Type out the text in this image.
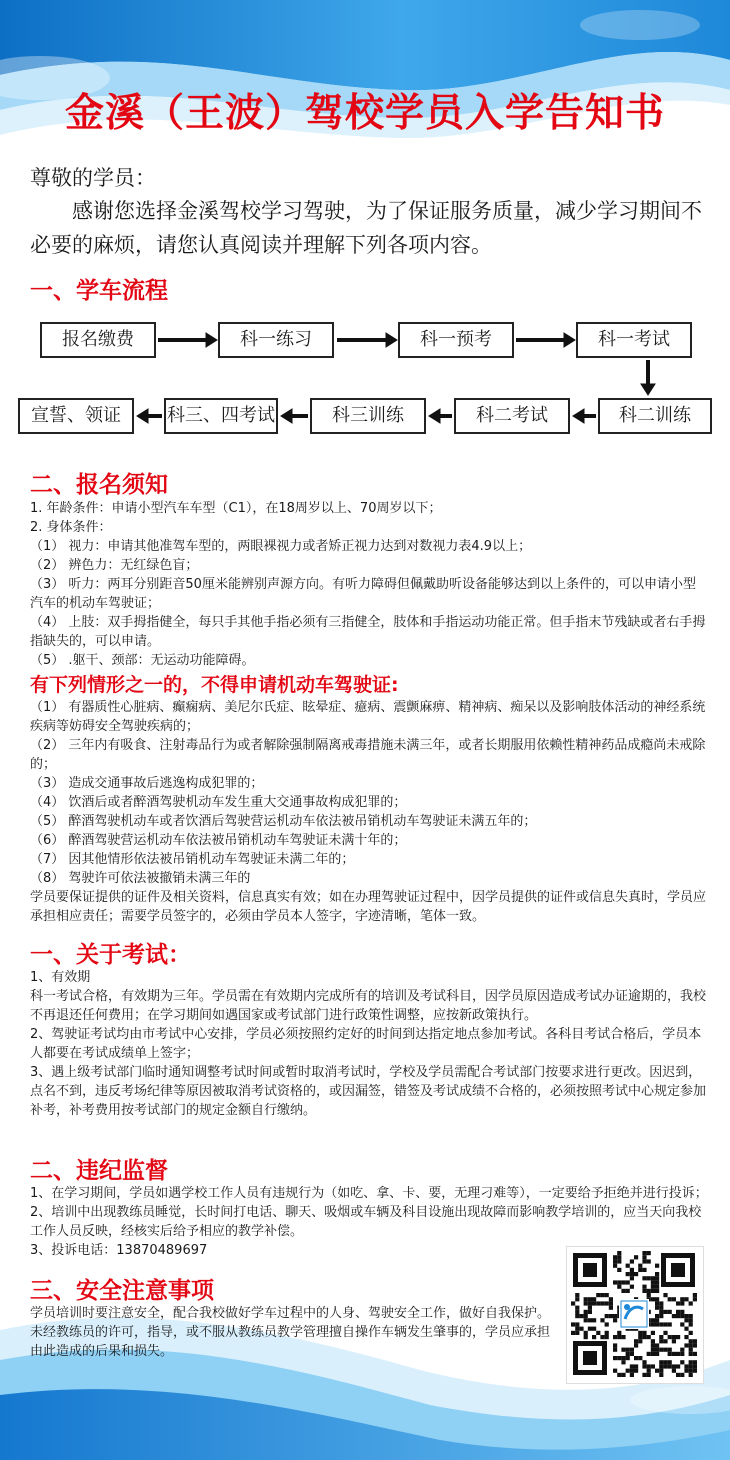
金溪（王波）驾校学员入学告知书
尊敬的学员：
感谢您选择金溪驾校学习驾驶，为了保证服务质量，减少学习期间不必要的麻烦，请您认真阅读并理解下列各项内容。
一、学车流程
报名缴费	科一练习	科一预考	科一考试
宣誓、领证	科三、四考试	科三训练	科二考试	科二训练
二、报名须知

1. 年龄条件：申请小型汽车车型（C1），在18周岁以上、70周岁以下；

2. 身体条件：

（1） 视力：申请其他准驾车型的，两眼裸视力或者矫正视力达到对数视力表4.9以上；

（2） 辨色力：无红绿色盲；

（3） 听力：两耳分别距音50厘米能辨别声源方向。有听力障碍但佩戴助听设备能够达到以上条件的，可以申请小型汽车的机动车驾驶证；

（4） 上肢：双手拇指健全，每只手其他手指必须有三指健全，肢体和手指运动功能正常。但手指末节残缺或者右手拇指缺失的，可以申请。

（5） .躯干、颈部：无运动功能障碍。

有下列情形之一的，不得申请机动车驾驶证:

（1） 有器质性心脏病、癫痫病、美尼尔氏症、眩晕症、癔病、震颤麻痹、精神病、痴呆以及影响肢体活动的神经系统疾病等妨碍安全驾驶疾病的；

（2） 三年内有吸食、注射毒品行为或者解除强制隔离戒毒措施未满三年，或者长期服用依赖性精神药品成瘾尚未戒除的；

（3） 造成交通事故后逃逸构成犯罪的；

（4） 饮酒后或者醉酒驾驶机动车发生重大交通事故构成犯罪的；

（5） 醉酒驾驶机动车或者饮酒后驾驶营运机动车依法被吊销机动车驾驶证未满五年的；

（6） 醉酒驾驶营运机动车依法被吊销机动车驾驶证未满十年的；

（7） 因其他情形依法被吊销机动车驾驶证未满二年的；

（8） 驾驶许可依法被撤销未满三年的

学员要保证提供的证件及相关资料，信息真实有效；如在办理驾驶证过程中，因学员提供的证件或信息失真时，学员应承担相应责任；需要学员签字的，必须由学员本人签字，字迹清晰，笔体一致。

一、关于考试：

1、有效期

科一考试合格，有效期为三年。学员需在有效期内完成所有的培训及考试科目，因学员原因造成考试办证逾期的，我校不再退还任何费用；在学习期间如遇国家或考试部门进行政策性调整，应按新政策执行。

2、驾驶证考试均由市考试中心安排，学员必须按照约定好的时间到达指定地点参加考试。各科目考试合格后，学员本人都要在考试成绩单上签字；

3、遇上级考试部门临时通知调整考试时间或暂时取消考试时，学校及学员需配合考试部门按要求进行更改。因迟到，点名不到，违反考场纪律等原因被取消考试资格的，或因漏签，错签及考试成绩不合格的，必须按照考试中心规定参加补考，补考费用按考试部门的规定金额自行缴纳。

二、违纪监督

1、在学习期间，学员如遇学校工作人员有违规行为（如吃、拿、卡、要，无理刁难等），一定要给予拒绝并进行投诉；

2、培训中出现教练员睡觉，长时间打电话、聊天、吸烟或车辆及科目设施出现故障而影响教学培训的，应当天向我校工作人员反映，经核实后给予相应的教学补偿。

3、投诉电话：13870489697

三、安全注意事项
学员培训时要注意安全，配合我校做好学车过程中的人身、驾驶安全工作，做好自我保护。未经教练员的许可，指导，或不服从教练员教学管理擅自操作车辆发生肇事的，学员应承担由此造成的后果和损失。
